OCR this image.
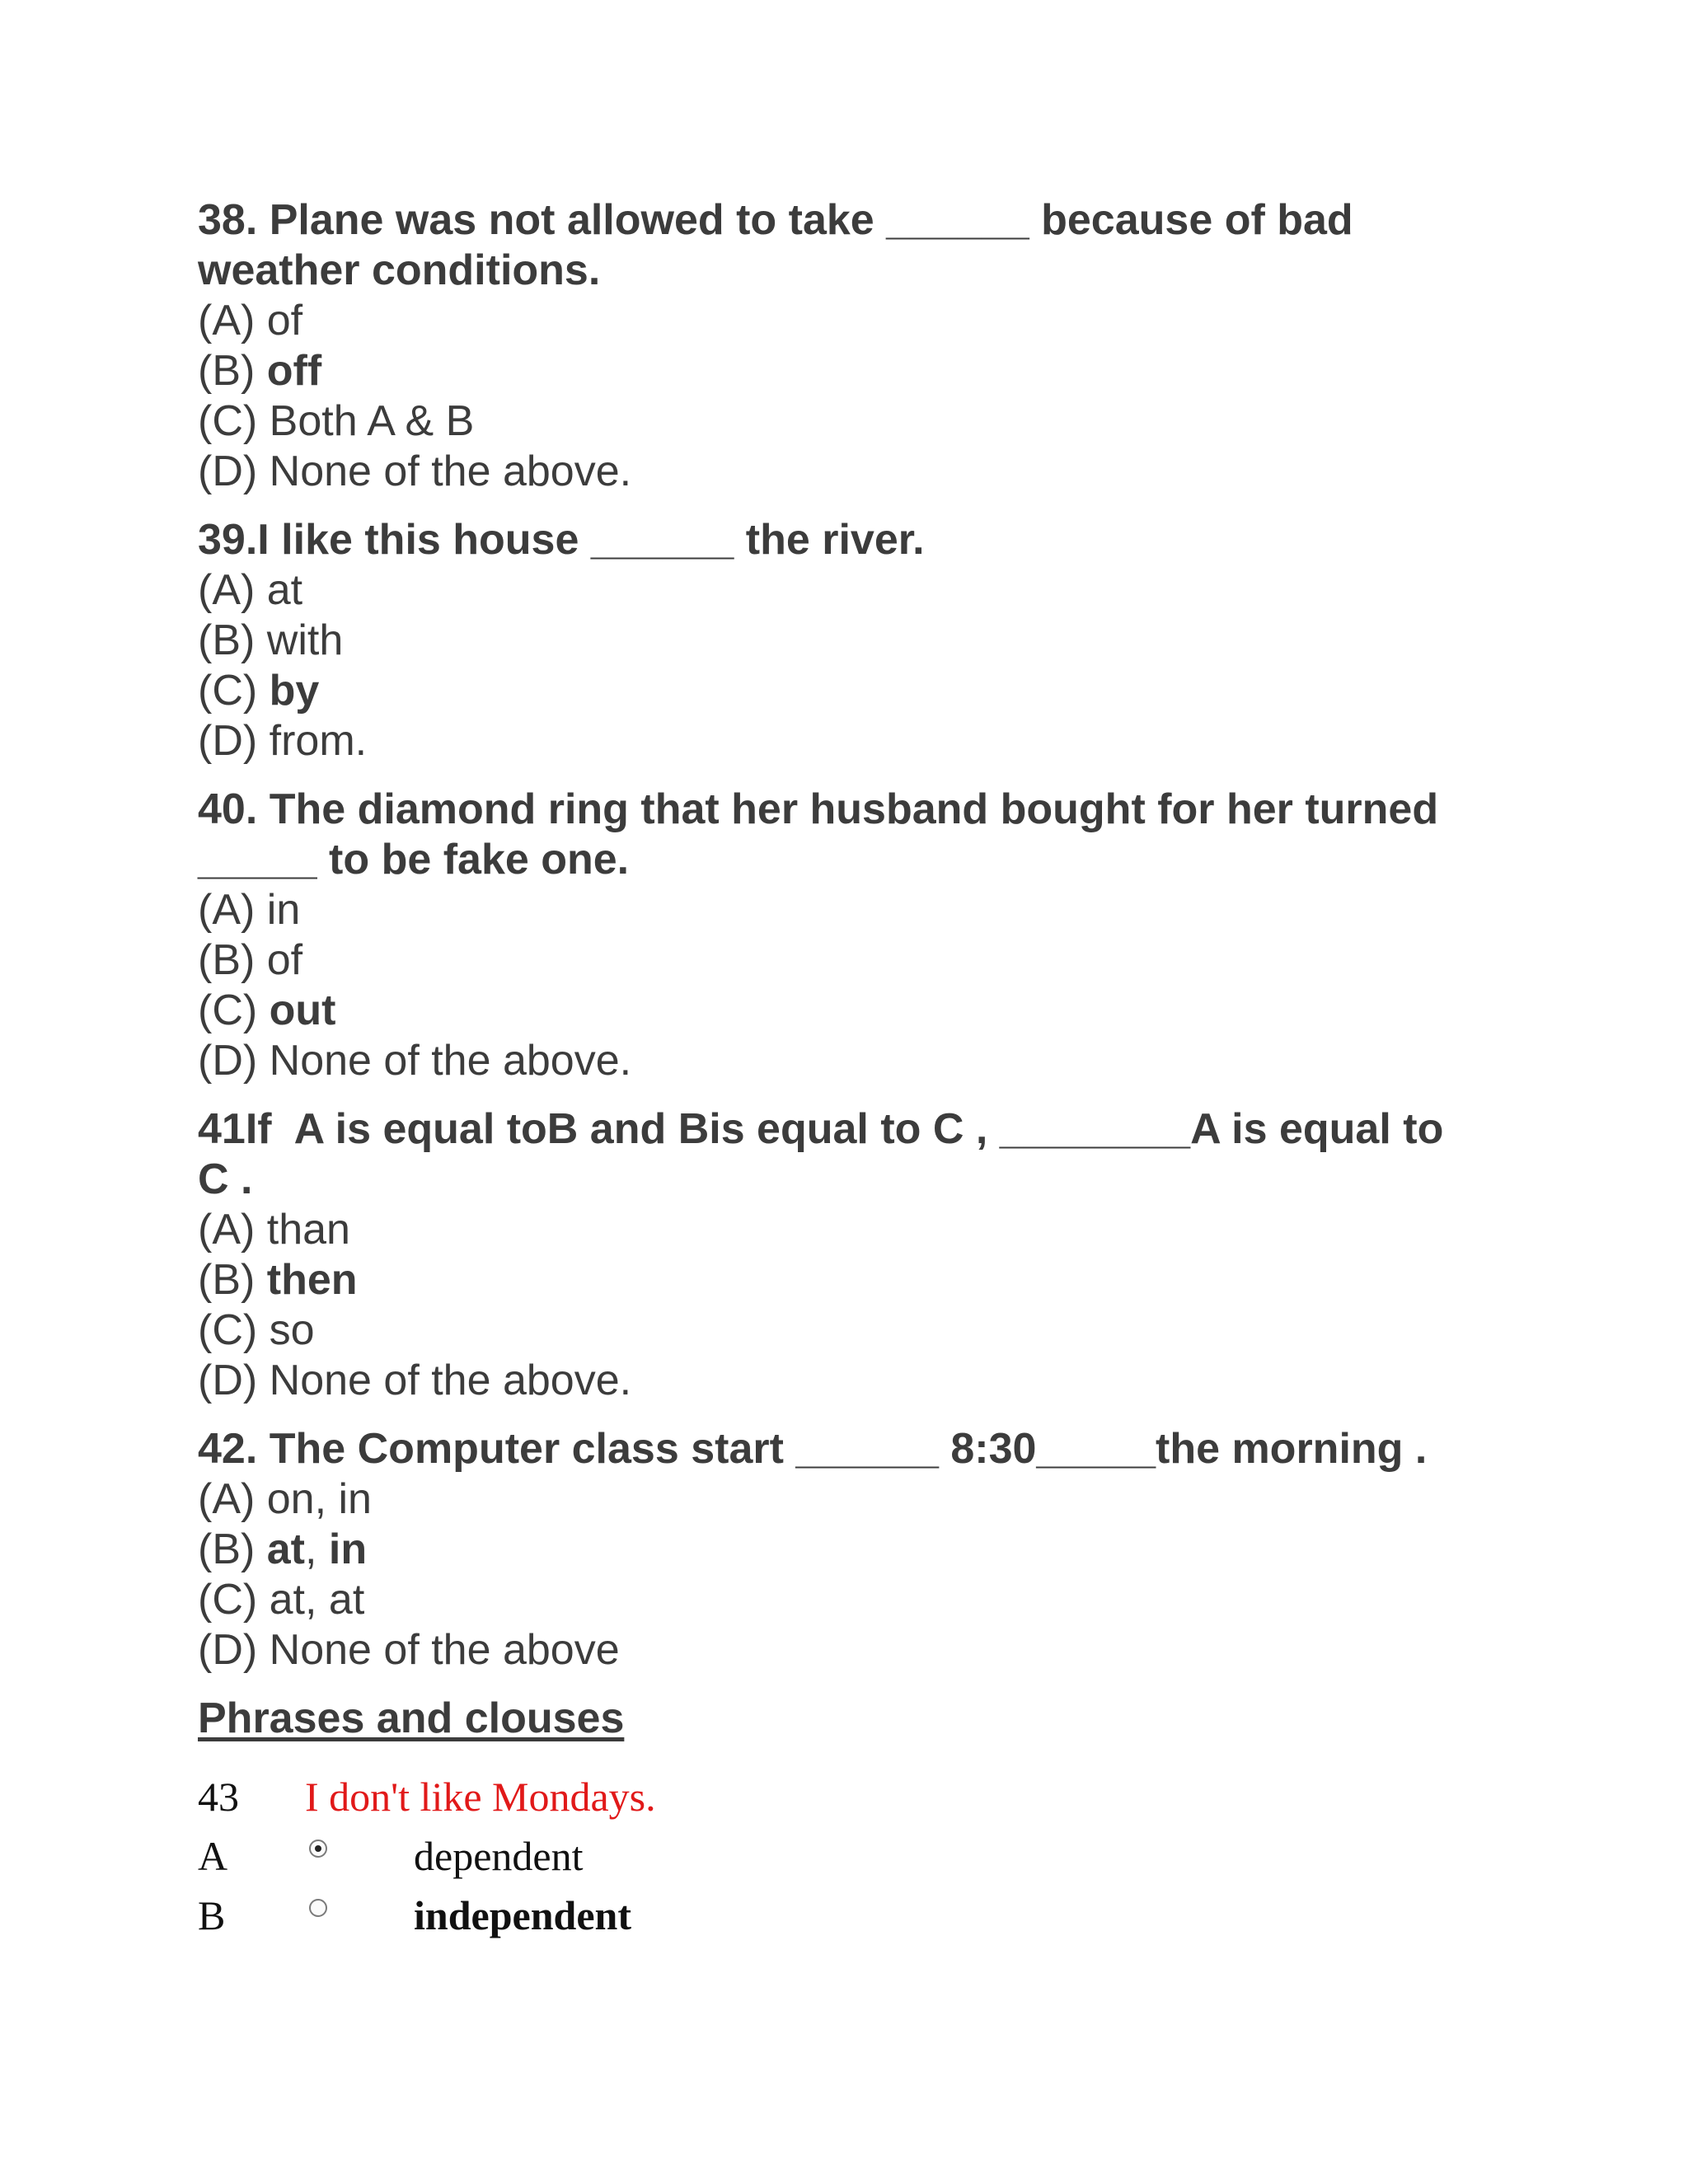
38. Plane was not allowed to take ______ because of bad
weather conditions.
(A) of
(B) off
(C) Both A & B
(D) None of the above.
39.I like this house ______ the river.
(A) at
(B) with
(C) by
(D) from.
40. The diamond ring that her husband bought for her turned
_____ to be fake one.
(A) in
(B) of
(C) out
(D) None of the above.
41If  A is equal toB and Bis equal to C , ________A is equal to
C .
(A) than
(B) then
(C) so
(D) None of the above.
42. The Computer class start ______ 8:30_____the morning .
(A) on, in
(B) at, in
(C) at, at
(D) None of the above
Phrases and clouses
43	I don't like Mondays.
A	dependent
B	independent
